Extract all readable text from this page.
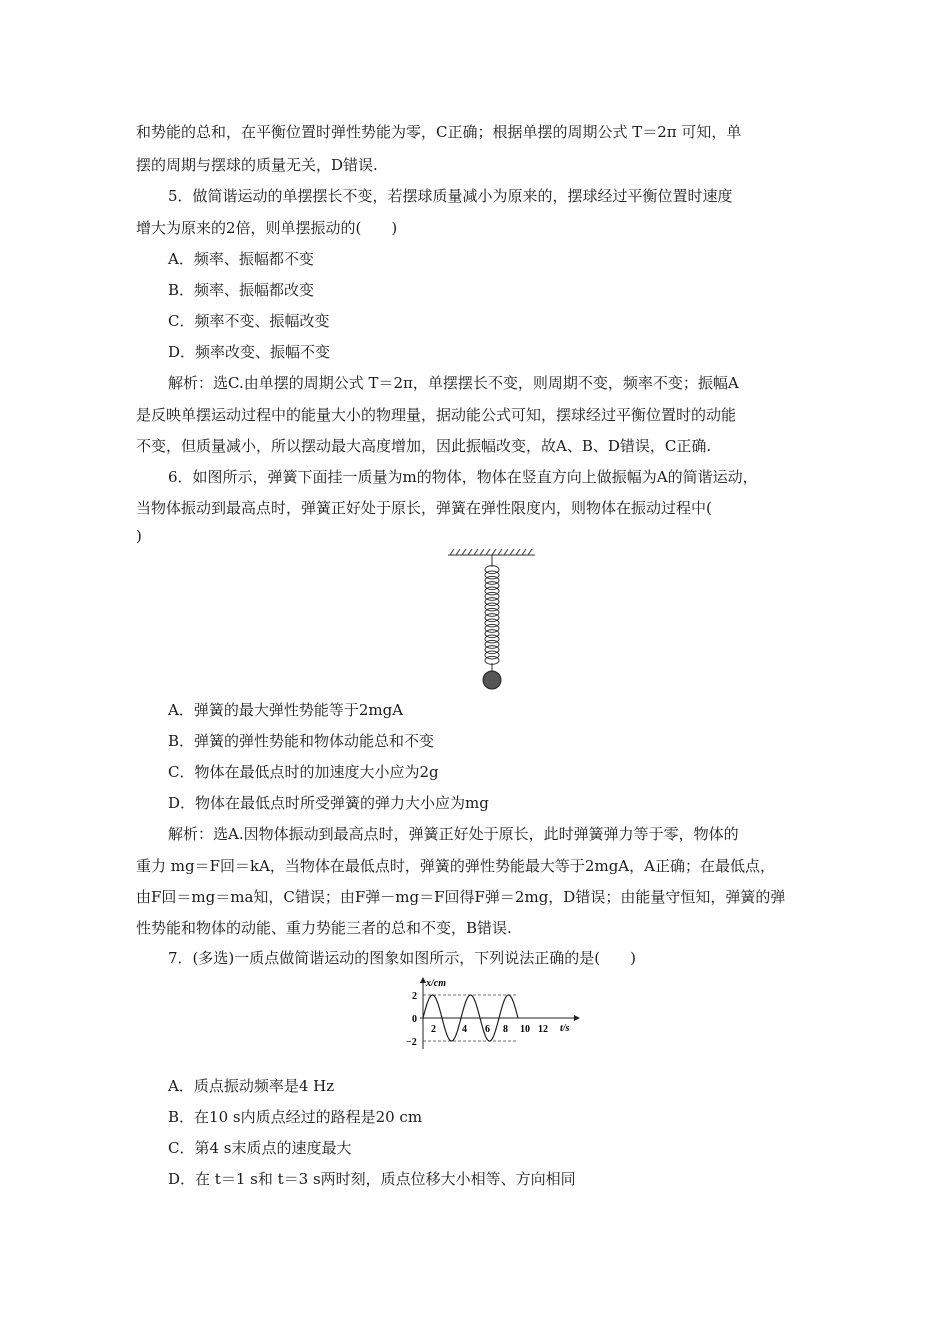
和势能的总和，在平衡位置时弹性势能为零，C正确；根据单摆的周期公式 T＝2π 可知，单
摆的周期与摆球的质量无关，D错误.
5．做简谐运动的单摆摆长不变，若摆球质量减小为原来的，摆球经过平衡位置时速度
增大为原来的2倍，则单摆振动的(　　)
A．频率、振幅都不变
B．频率、振幅都改变
C．频率不变、振幅改变
D．频率改变、振幅不变
解析：选C.由单摆的周期公式 T＝2π，单摆摆长不变，则周期不变，频率不变；振幅A
是反映单摆运动过程中的能量大小的物理量，据动能公式可知，摆球经过平衡位置时的动能
不变，但质量减小，所以摆动最大高度增加，因此振幅改变，故A、B、D错误，C正确.
6．如图所示，弹簧下面挂一质量为m的物体，物体在竖直方向上做振幅为A的简谐运动，
当物体振动到最高点时，弹簧正好处于原长，弹簧在弹性限度内，则物体在振动过程中(
)
A．弹簧的最大弹性势能等于2mgA
B．弹簧的弹性势能和物体动能总和不变
C．物体在最低点时的加速度大小应为2g
D．物体在最低点时所受弹簧的弹力大小应为mg
解析：选A.因物体振动到最高点时，弹簧正好处于原长，此时弹簧弹力等于零，物体的
重力 mg＝F回＝kA，当物体在最低点时，弹簧的弹性势能最大等于2mgA，A正确；在最低点，
由F回＝mg＝ma知，C错误；由F弹－mg＝F回得F弹＝2mg，D错误；由能量守恒知，弹簧的弹
性势能和物体的动能、重力势能三者的总和不变，B错误.
7．(多选)一质点做简谐运动的图象如图所示，下列说法正确的是(　　)
x/cm
t/s
2
0
−2
2	4 6 8 10 12
A．质点振动频率是4 Hz
B．在10 s内质点经过的路程是20 cm
C．第4 s末质点的速度最大
D．在 t＝1 s和 t＝3 s两时刻，质点位移大小相等、方向相同
